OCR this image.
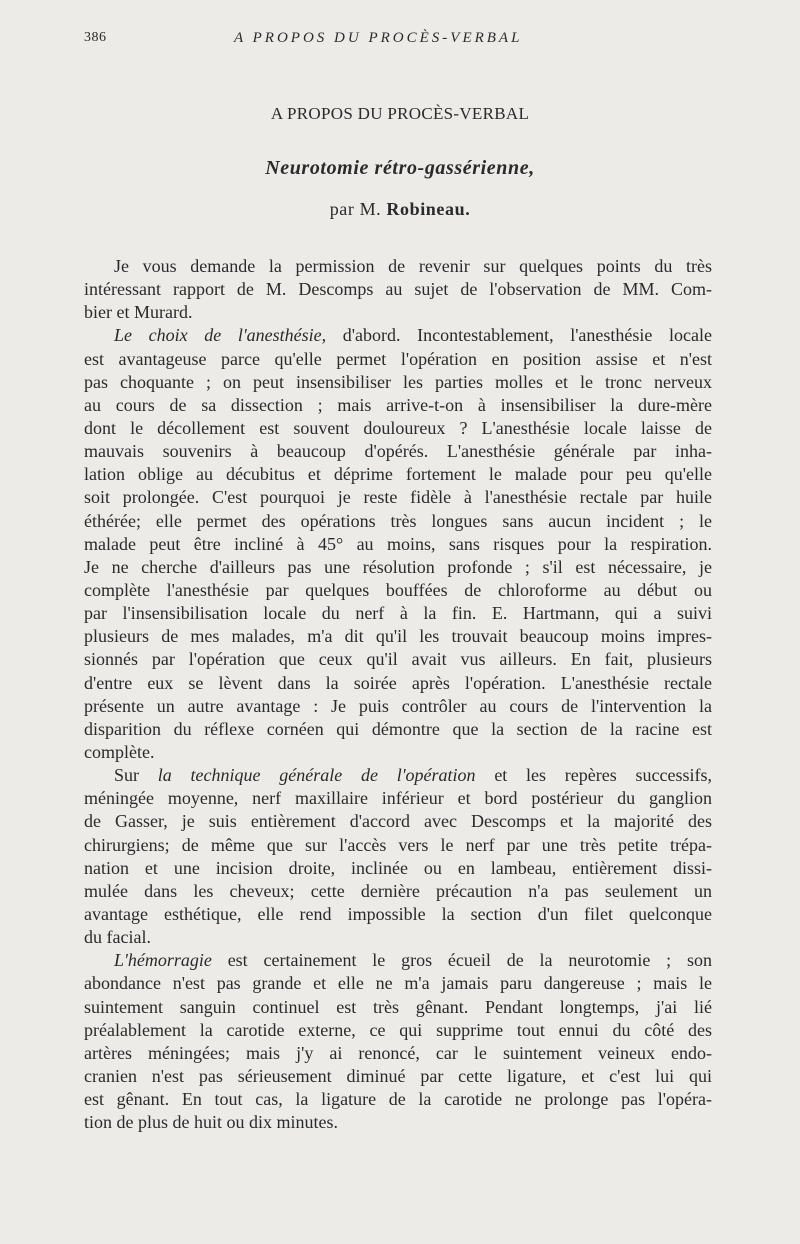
386	A PROPOS DU PROCÈS-VERBAL
A PROPOS DU PROCÈS-VERBAL
Neurotomie rétro-gassérienne,
par M. Robineau.
Je vous demande la permission de revenir sur quelques points du très
intéressant rapport de M. Descomps au sujet de l'observation de MM. Com-
bier et Murard.
Le choix de l'anesthésie, d'abord. Incontestablement, l'anesthésie locale
est avantageuse parce qu'elle permet l'opération en position assise et n'est
pas choquante ; on peut insensibiliser les parties molles et le tronc nerveux
au cours de sa dissection ; mais arrive-t-on à insensibiliser la dure-mère
dont le décollement est souvent douloureux ? L'anesthésie locale laisse de
mauvais souvenirs à beaucoup d'opérés. L'anesthésie générale par inha-
lation oblige au décubitus et déprime fortement le malade pour peu qu'elle
soit prolongée. C'est pourquoi je reste fidèle à l'anesthésie rectale par huile
éthérée; elle permet des opérations très longues sans aucun incident ; le
malade peut être incliné à 45° au moins, sans risques pour la respiration.
Je ne cherche d'ailleurs pas une résolution profonde ; s'il est nécessaire, je
complète l'anesthésie par quelques bouffées de chloroforme au début ou
par l'insensibilisation locale du nerf à la fin. E. Hartmann, qui a suivi
plusieurs de mes malades, m'a dit qu'il les trouvait beaucoup moins impres-
sionnés par l'opération que ceux qu'il avait vus ailleurs. En fait, plusieurs
d'entre eux se lèvent dans la soirée après l'opération. L'anesthésie rectale
présente un autre avantage : Je puis contrôler au cours de l'intervention la
disparition du réflexe cornéen qui démontre que la section de la racine est
complète.
Sur la technique générale de l'opération et les repères successifs,
méningée moyenne, nerf maxillaire inférieur et bord postérieur du ganglion
de Gasser, je suis entièrement d'accord avec Descomps et la majorité des
chirurgiens; de même que sur l'accès vers le nerf par une très petite trépa-
nation et une incision droite, inclinée ou en lambeau, entièrement dissi-
mulée dans les cheveux; cette dernière précaution n'a pas seulement un
avantage esthétique, elle rend impossible la section d'un filet quelconque
du facial.
L'hémorragie est certainement le gros écueil de la neurotomie ; son
abondance n'est pas grande et elle ne m'a jamais paru dangereuse ; mais le
suintement sanguin continuel est très gênant. Pendant longtemps, j'ai lié
préalablement la carotide externe, ce qui supprime tout ennui du côté des
artères méningées; mais j'y ai renoncé, car le suintement veineux endo-
cranien n'est pas sérieusement diminué par cette ligature, et c'est lui qui
est gênant. En tout cas, la ligature de la carotide ne prolonge pas l'opéra-
tion de plus de huit ou dix minutes.
